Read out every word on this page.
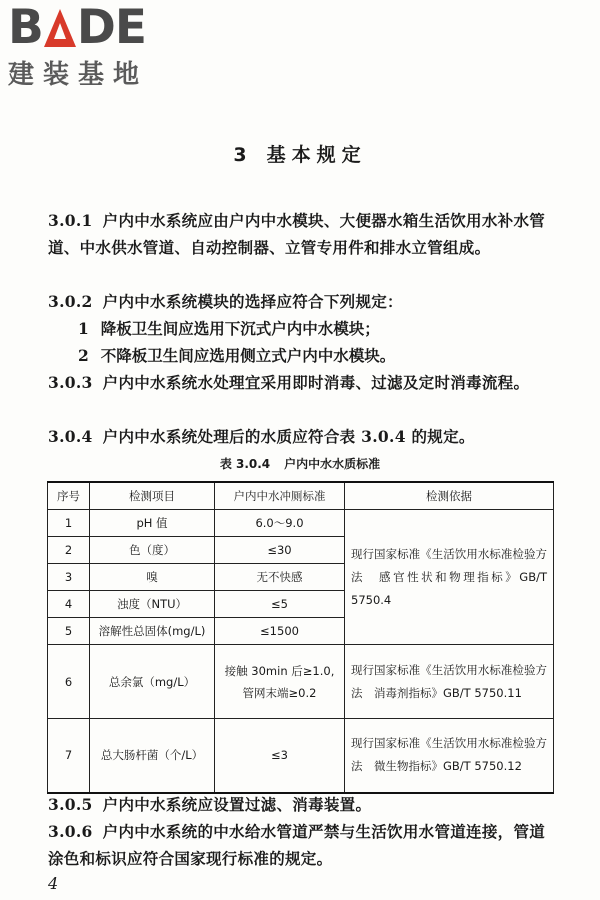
B	A D E
建装基地
3 基本规定
3.0.1 户内中水系统应由户内中水模块、大便器水箱生活饮用水补水管道、中水供水管道、自动控制器、立管专用件和排水立管组成。
3.0.2 户内中水系统模块的选择应符合下列规定：
1 降板卫生间应选用下沉式户内中水模块；
2 不降板卫生间应选用侧立式户内中水模块。
3.0.3 户内中水系统水处理宜采用即时消毒、过滤及定时消毒流程。
3.0.4 户内中水系统处理后的水质应符合表 3.0.4 的规定。
表 3.0.4 户内中水水质标准
序号	检测项目	户内中水冲厕标准	检测依据
1	pH 值	6.0～9.0	现行国家标准《生活饮用水标准检验方法　感官性状和物理指标》GB/T 5750.4
2	色（度）	≤30	
3	嗅	无不快感	
4	浊度（NTU）	≤5	
5	溶解性总固体(mg/L)	≤1500	
6	总余氯（mg/L）	接触 30min 后≥1.0,
管网末端≥0.2	现行国家标准《生活饮用水标准检验方法　消毒剂指标》GB/T 5750.11
7	总大肠杆菌（个/L）	≤3	现行国家标准《生活饮用水标准检验方法　微生物指标》GB/T 5750.12
3.0.5 户内中水系统应设置过滤、消毒装置。
3.0.6 户内中水系统的中水给水管道严禁与生活饮用水管道连接，管道涂色和标识应符合国家现行标准的规定。
4
